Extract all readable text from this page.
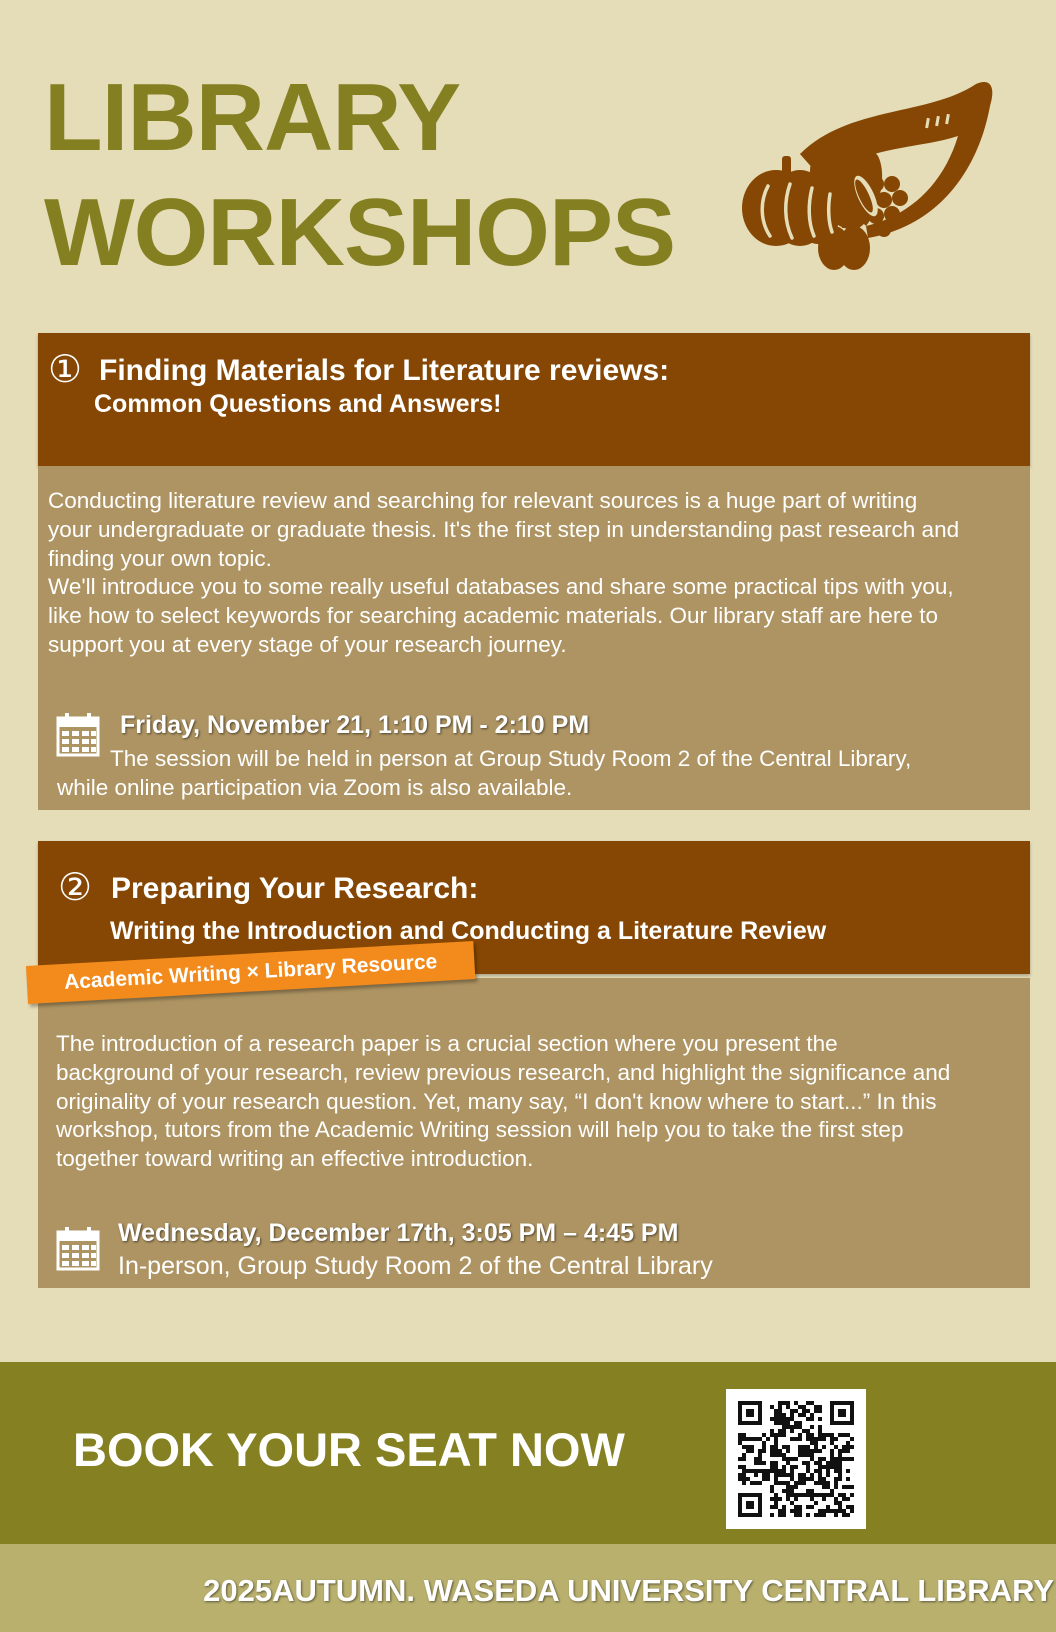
LIBRARY
WORKSHOPS
① Finding Materials for Literature reviews:
Common Questions and Answers!

Conducting literature review and searching for relevant sources is a huge part of writing
your undergraduate or graduate thesis. It's the first step in understanding past research and
finding your own topic.
We'll introduce you to some really useful databases and share some practical tips with you,
like how to select keywords for searching academic materials. Our library staff are here to
support you at every stage of your research journey.

Friday, November 21, 1:10 PM - 2:10 PM

The session will be held in person at Group Study Room 2 of the Central Library,
while online participation via Zoom is also available.

② Preparing Your Research:
Writing the Introduction and Conducting a Literature Review

The introduction of a research paper is a crucial section where you present the
background of your research, review previous research, and highlight the significance and
originality of your research question. Yet, many say, “I don't know where to start...” In this
workshop, tutors from the Academic Writing session will help you to take the first step
together toward writing an effective introduction.

Wednesday, December 17th, 3:05 PM – 4:45 PM

In-person, Group Study Room 2 of the Central Library

Academic Writing × Library Resource
BOOK YOUR SEAT NOW
2025AUTUMN. WASEDA UNIVERSITY CENTRAL LIBRARY
